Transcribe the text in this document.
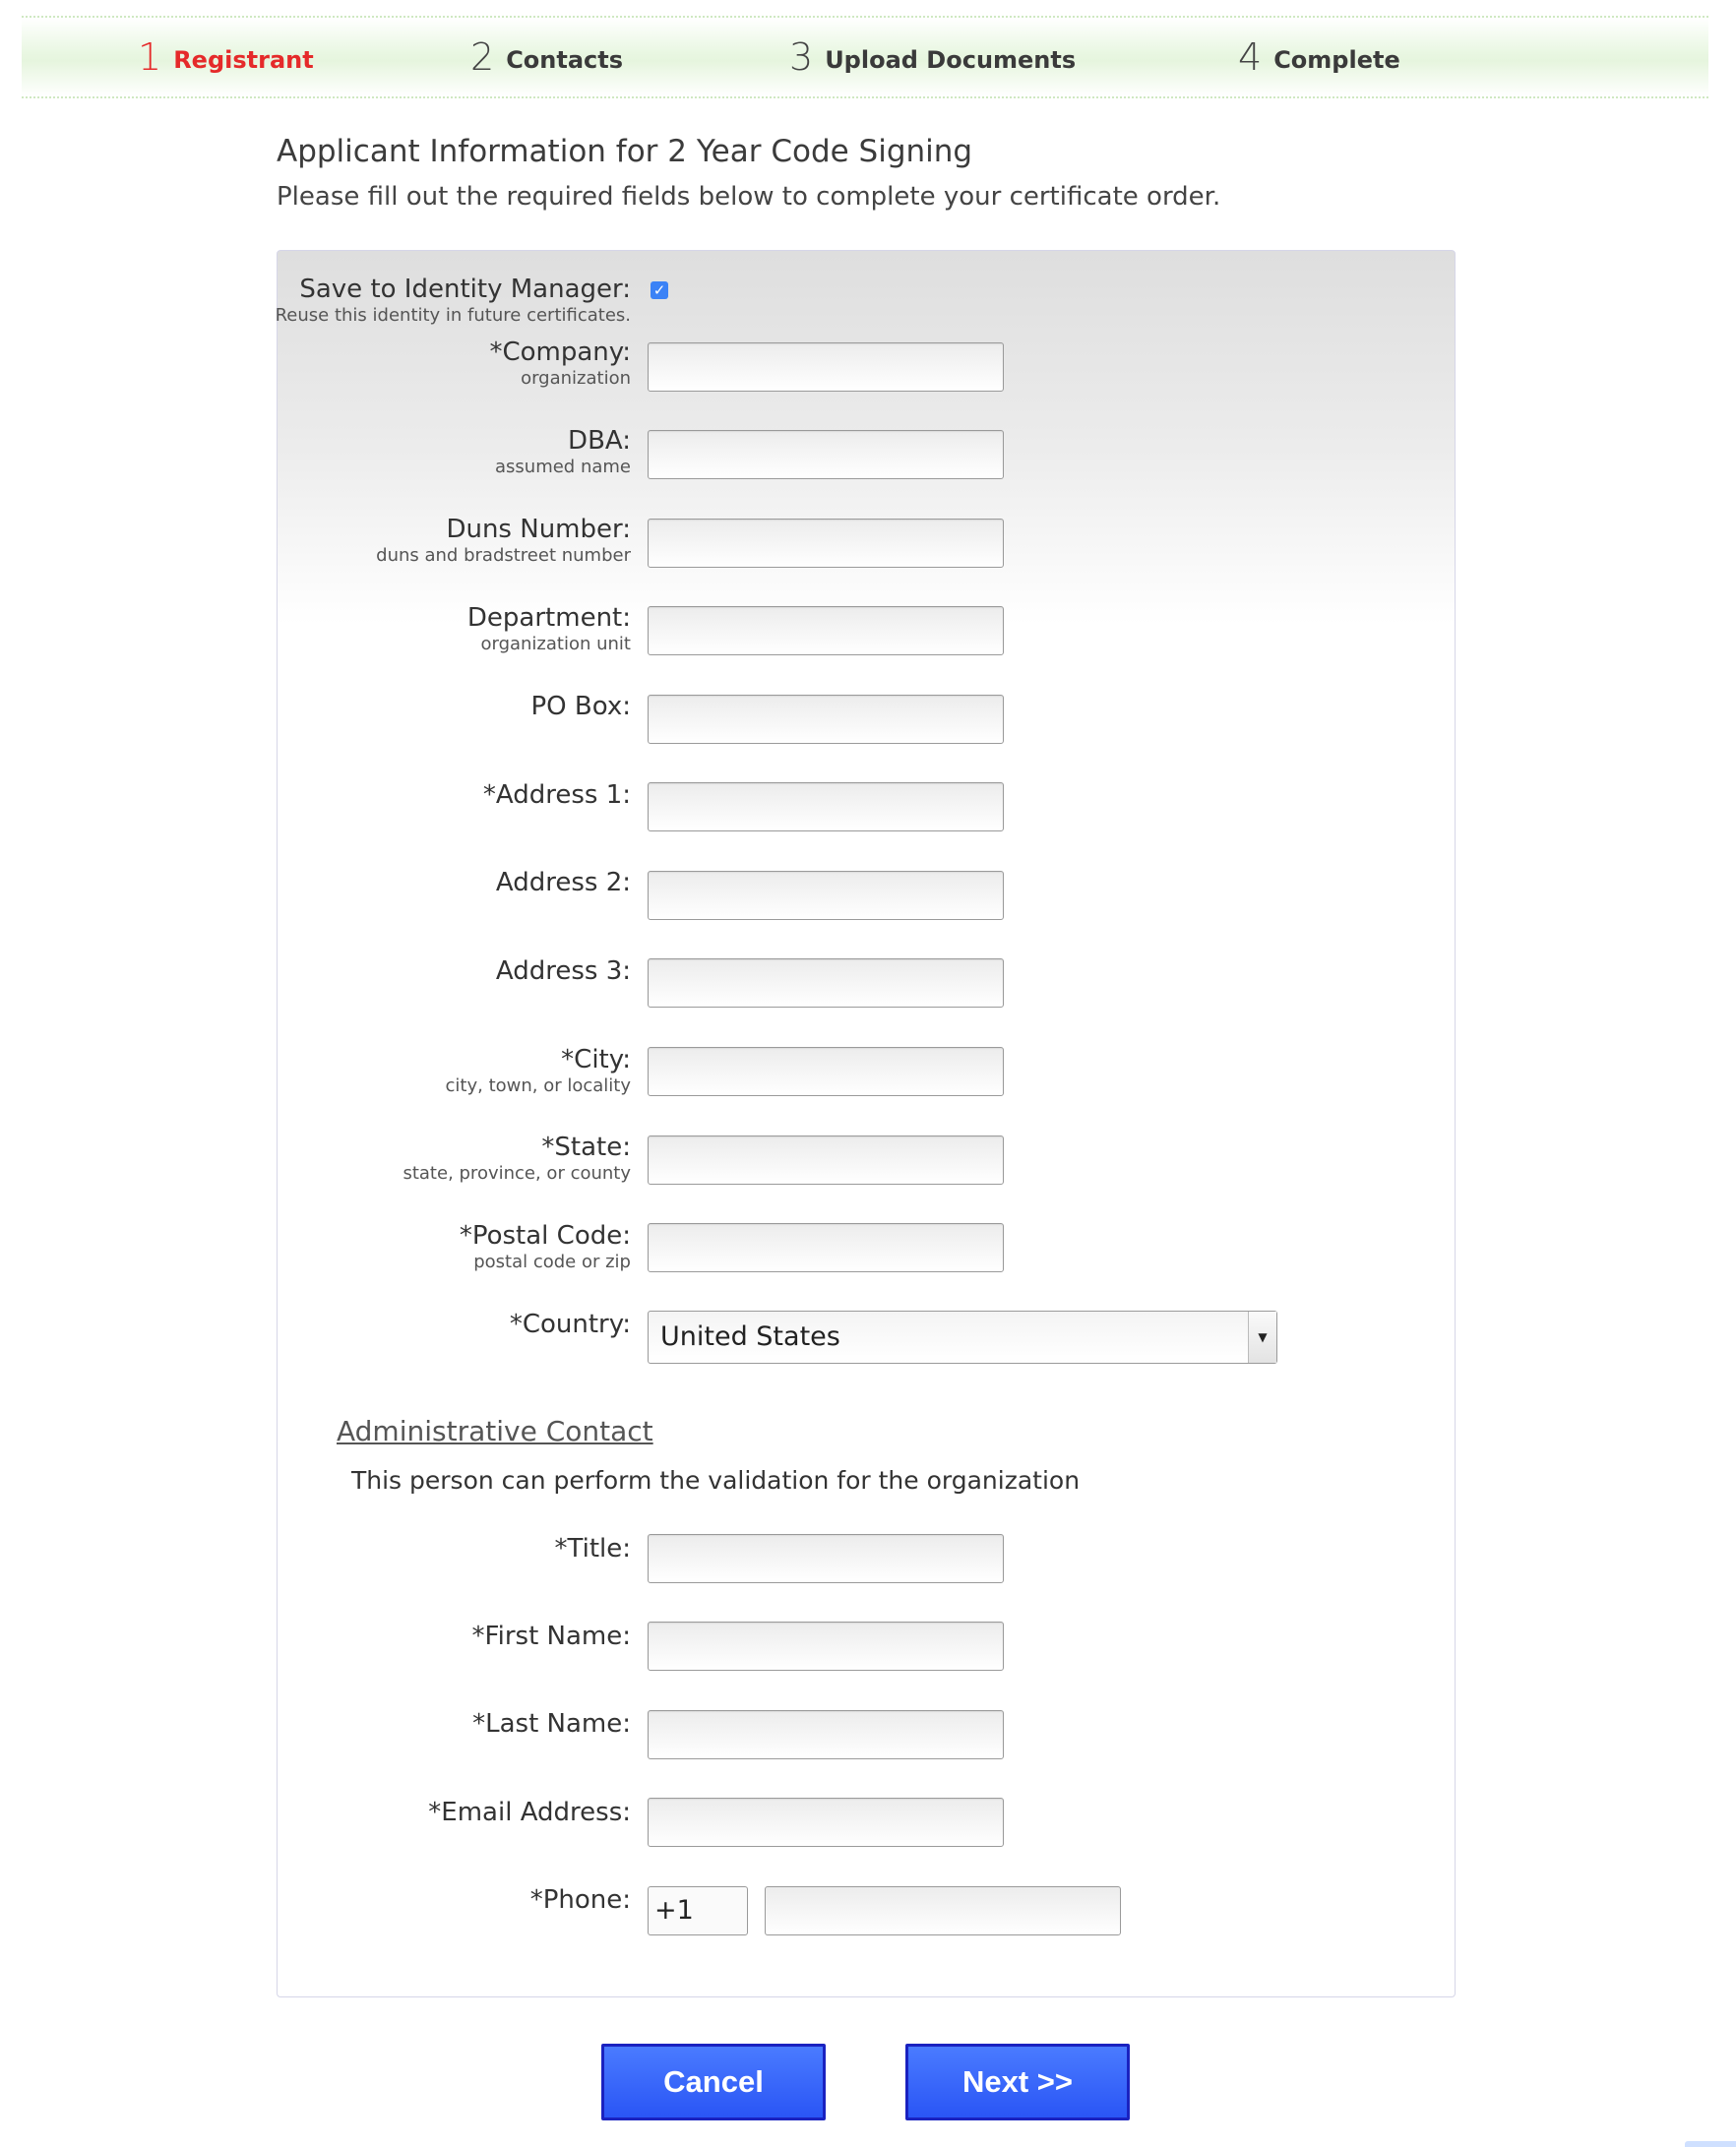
1 Registrant	2 Contacts	3 Upload Documents	4 Complete
Applicant Information for 2 Year Code Signing
Please fill out the required fields below to complete your certificate order.
Save to Identity Manager:
Reuse this identity in future certificates.
✓
*Company:
organization
DBA:
assumed name
Duns Number:
duns and bradstreet number
Department:
organization unit
PO Box:
*Address 1:
Address 2:
Address 3:
*City:
city, town, or locality
*State:
state, province, or county
*Postal Code:
postal code or zip
*Country:	United States	▼
Administrative Contact
This person can perform the validation for the organization
*Title:
*First Name:
*Last Name:
*Email Address:
*Phone: +1
Cancel	Next >>
